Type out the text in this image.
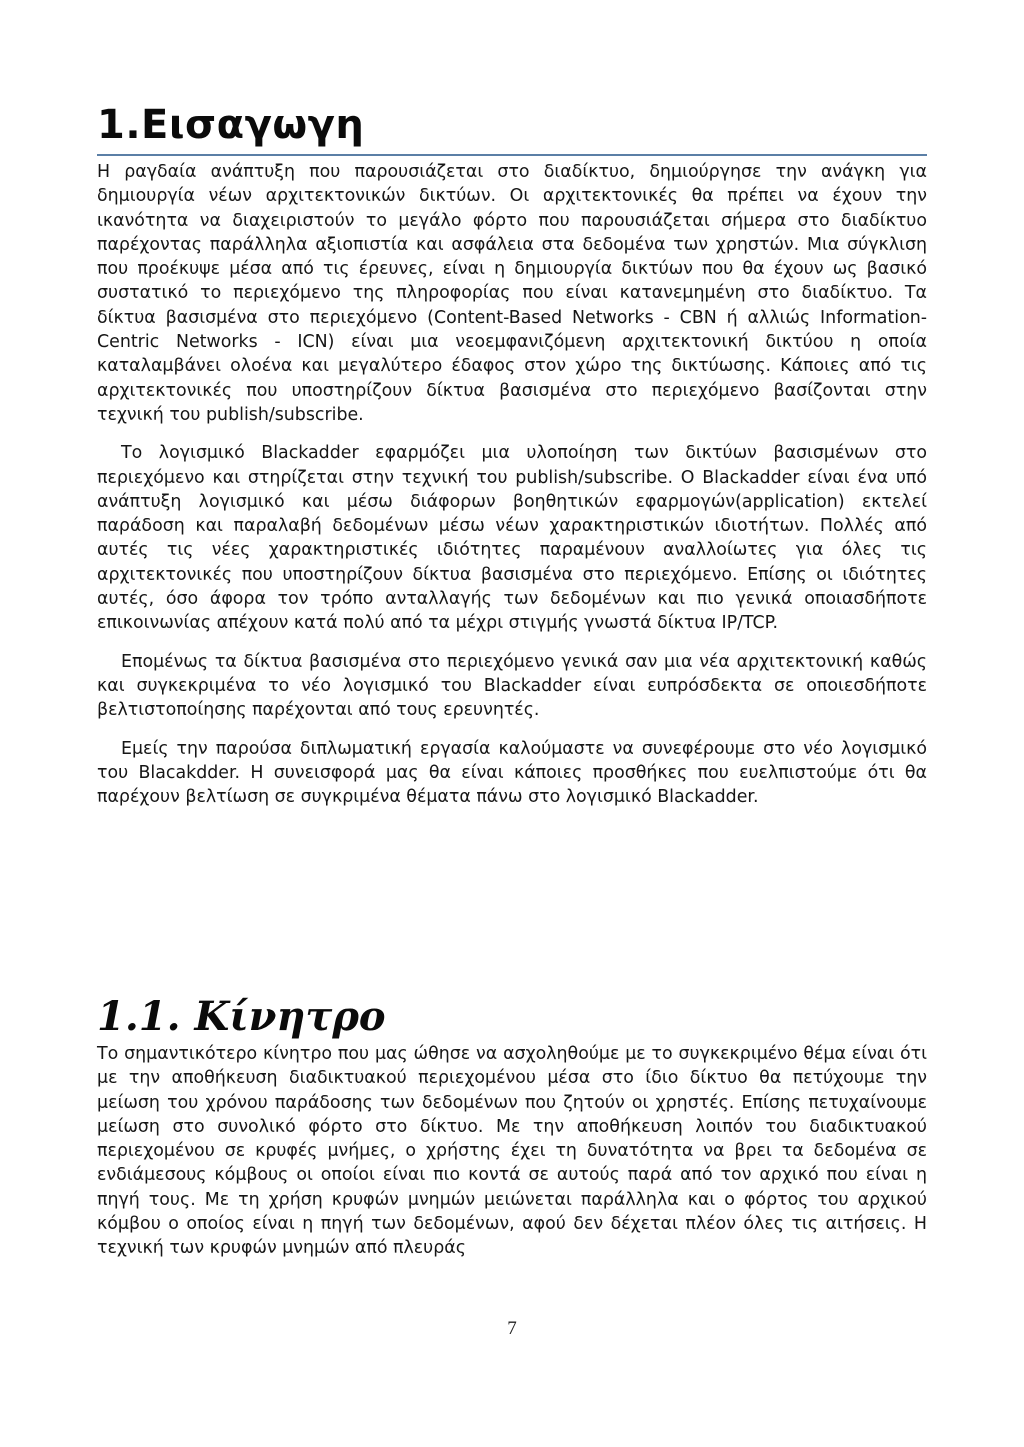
1.Εισαγωγη

Η ραγδαία ανάπτυξη που παρουσιάζεται στο διαδίκτυο, δημιούργησε την ανάγκη για δημιουργία νέων αρχιτεκτονικών δικτύων. Οι αρχιτεκτονικές θα πρέπει να έχουν την ικανότητα να διαχειριστούν το μεγάλο φόρτο που παρουσιάζεται σήμερα στο διαδίκτυο παρέχοντας παράλληλα αξιοπιστία και ασφάλεια στα δεδομένα των χρηστών. Μια σύγκλιση που προέκυψε μέσα από τις έρευνες, είναι η δημιουργία δικτύων που θα έχουν ως βασικό συστατικό το περιεχόμενο της πληροφορίας που είναι κατανεμημένη στο διαδίκτυο. Τα δίκτυα βασισμένα στο περιεχόμενο (Content-Based Networks - CBN ή αλλιώς Information-Centric Networks - ICN) είναι μια νεοεμφανιζόμενη αρχιτεκτονική δικτύου η οποία καταλαμβάνει ολοένα και μεγαλύτερο έδαφος στον χώρο της δικτύωσης. Κάποιες από τις αρχιτεκτονικές που υποστηρίζουν δίκτυα βασισμένα στο περιεχόμενο βασίζονται στην τεχνική του publish/subscribe.

Το λογισμικό Blackadder εφαρμόζει μια υλοποίηση των δικτύων βασισμένων στο περιεχόμενο και στηρίζεται στην τεχνική του publish/subscribe. Ο Blackadder είναι ένα υπό ανάπτυξη λογισμικό και μέσω διάφορων βοηθητικών εφαρμογών(application) εκτελεί παράδοση και παραλαβή δεδομένων μέσω νέων χαρακτηριστικών ιδιοτήτων. Πολλές από αυτές τις νέες χαρακτηριστικές ιδιότητες παραμένουν αναλλοίωτες για όλες τις αρχιτεκτονικές που υποστηρίζουν δίκτυα βασισμένα στο περιεχόμενο. Επίσης οι ιδιότητες αυτές, όσο άφορα τον τρόπο ανταλλαγής των δεδομένων και πιο γενικά οποιασδήποτε επικοινωνίας απέχουν κατά πολύ από τα μέχρι στιγμής γνωστά δίκτυα IP/TCP.

Επομένως τα δίκτυα βασισμένα στο περιεχόμενο γενικά σαν μια νέα αρχιτεκτονική καθώς και συγκεκριμένα το νέο λογισμικό του Blackadder είναι ευπρόσδεκτα σε οποιεσδήποτε βελτιστοποίησης παρέχονται από τους ερευνητές.

Εμείς την παρούσα διπλωματική εργασία καλούμαστε να συνεφέρουμε στο νέο λογισμικό του Blacakdder. Η συνεισφορά μας θα είναι κάποιες προσθήκες που ευελπιστούμε ότι θα παρέχουν βελτίωση σε συγκριμένα θέματα πάνω στο λογισμικό Blackadder.

1.1. Κίνητρο

Το σημαντικότερο κίνητρο που μας ώθησε να ασχοληθούμε με το συγκεκριμένο θέμα είναι ότι με την αποθήκευση διαδικτυακού περιεχομένου μέσα στο ίδιο δίκτυο θα πετύχουμε την μείωση του χρόνου παράδοσης των δεδομένων που ζητούν οι χρηστές. Επίσης πετυχαίνουμε μείωση στο συνολικό φόρτο στο δίκτυο. Με την αποθήκευση λοιπόν του διαδικτυακού περιεχομένου σε κρυφές μνήμες, ο χρήστης έχει τη δυνατότητα να βρει τα δεδομένα σε ενδιάμεσους κόμβους οι οποίοι είναι πιο κοντά σε αυτούς παρά από τον αρχικό που είναι η πηγή τους. Με τη χρήση κρυφών μνημών μειώνεται παράλληλα και ο φόρτος του αρχικού κόμβου ο οποίος είναι η πηγή των δεδομένων, αφού δεν δέχεται πλέον όλες τις αιτήσεις. Η τεχνική των κρυφών μνημών από πλευράς

7
